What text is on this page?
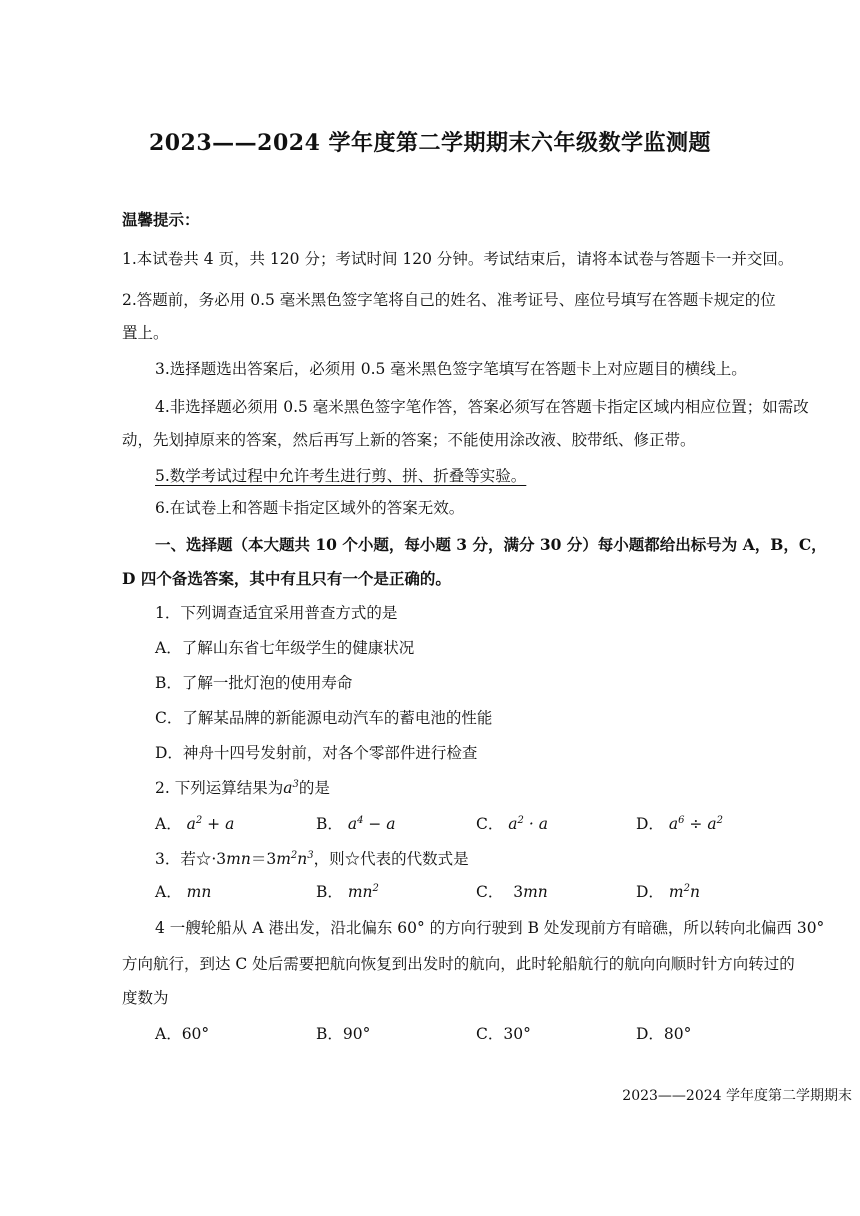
2023——2024 学年度第二学期期末六年级数学监测题
温馨提示：
1.本试卷共 4 页，共 120 分；考试时间 120 分钟。考试结束后，请将本试卷与答题卡一并交回。
2.答题前，务必用 0.5 毫米黑色签字笔将自己的姓名、准考证号、座位号填写在答题卡规定的位
置上。
3.选择题选出答案后，必须用 0.5 毫米黑色签字笔填写在答题卡上对应题目的横线上。
4.非选择题必须用 0.5 毫米黑色签字笔作答，答案必须写在答题卡指定区域内相应位置；如需改
动，先划掉原来的答案，然后再写上新的答案；不能使用涂改液、胶带纸、修正带。
5.数学考试过程中允许考生进行剪、拼、折叠等实验。
6.在试卷上和答题卡指定区域外的答案无效。
一、选择题（本大题共 10 个小题，每小题 3 分，满分 30 分）每小题都给出标号为 A，B，C，
D 四个备选答案，其中有且只有一个是正确的。
1．下列调查适宜采用普查方式的是
A．了解山东省七年级学生的健康状况
B．了解一批灯泡的使用寿命
C．了解某品牌的新能源电动汽车的蓄电池的性能
D．神舟十四号发射前，对各个零部件进行检查
2. 下列运算结果为$a^3$的是
A． $a^2 + a$	B． $a^4 - a$	C． $a^2 \cdot a$	D． $a^6 \div a^2$
3．若$☆\cdot 3mn=3m^2n^3$，则☆代表的代数式是
A． mn	B． $mn^2$	C． 3mn	D． $m^2n$
4 一艘轮船从 A 港出发，沿北偏东 60° 的方向行驶到 B 处发现前方有暗礁，所以转向北偏西 30°
方向航行，到达 C 处后需要把航向恢复到出发时的航向，此时轮船航行的航向向顺时针方向转过的
度数为
A．60°	B．90°	C．30°	D．80°
2023——2024 学年度第二学期期末
